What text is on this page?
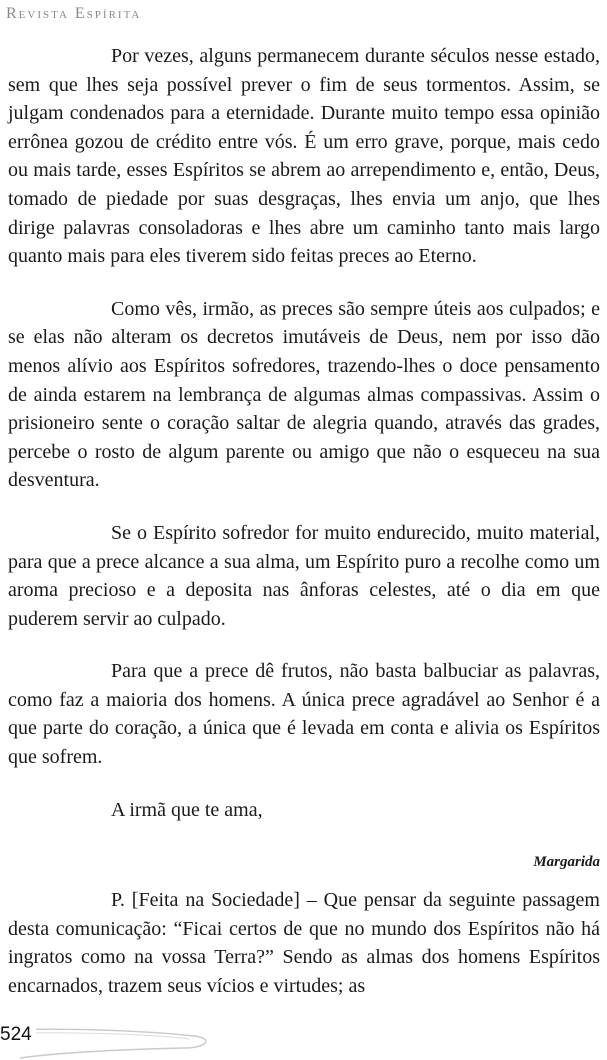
Revista Espírita

Por vezes, alguns permanecem durante séculos nesse estado, sem que lhes seja possível prever o fim de seus tormentos. Assim, se julgam condenados para a eternidade. Durante muito tempo essa opinião errônea gozou de crédito entre vós. É um erro grave, porque, mais cedo ou mais tarde, esses Espíritos se abrem ao arrependimento e, então, Deus, tomado de piedade por suas desgraças, lhes envia um anjo, que lhes dirige palavras consoladoras e lhes abre um caminho tanto mais largo quanto mais para eles tiverem sido feitas preces ao Eterno.

Como vês, irmão, as preces são sempre úteis aos culpados; e se elas não alteram os decretos imutáveis de Deus, nem por isso dão menos alívio aos Espíritos sofredores, trazendo-lhes o doce pensamento de ainda estarem na lembrança de algumas almas compassivas. Assim o prisioneiro sente o coração saltar de alegria quando, através das grades, percebe o rosto de algum parente ou amigo que não o esqueceu na sua desventura.

Se o Espírito sofredor for muito endurecido, muito material, para que a prece alcance a sua alma, um Espírito puro a recolhe como um aroma precioso e a deposita nas ânforas celestes, até o dia em que puderem servir ao culpado.

Para que a prece dê frutos, não basta balbuciar as palavras, como faz a maioria dos homens. A única prece agradável ao Senhor é a que parte do coração, a única que é levada em conta e alivia os Espíritos que sofrem.

A irmã que te ama,

Margarida

P. [Feita na Sociedade] – Que pensar da seguinte passagem desta comunicação: “Ficai certos de que no mundo dos Espíritos não há ingratos como na vossa Terra?” Sendo as almas dos homens Espíritos encarnados, trazem seus vícios e virtudes; as

524
